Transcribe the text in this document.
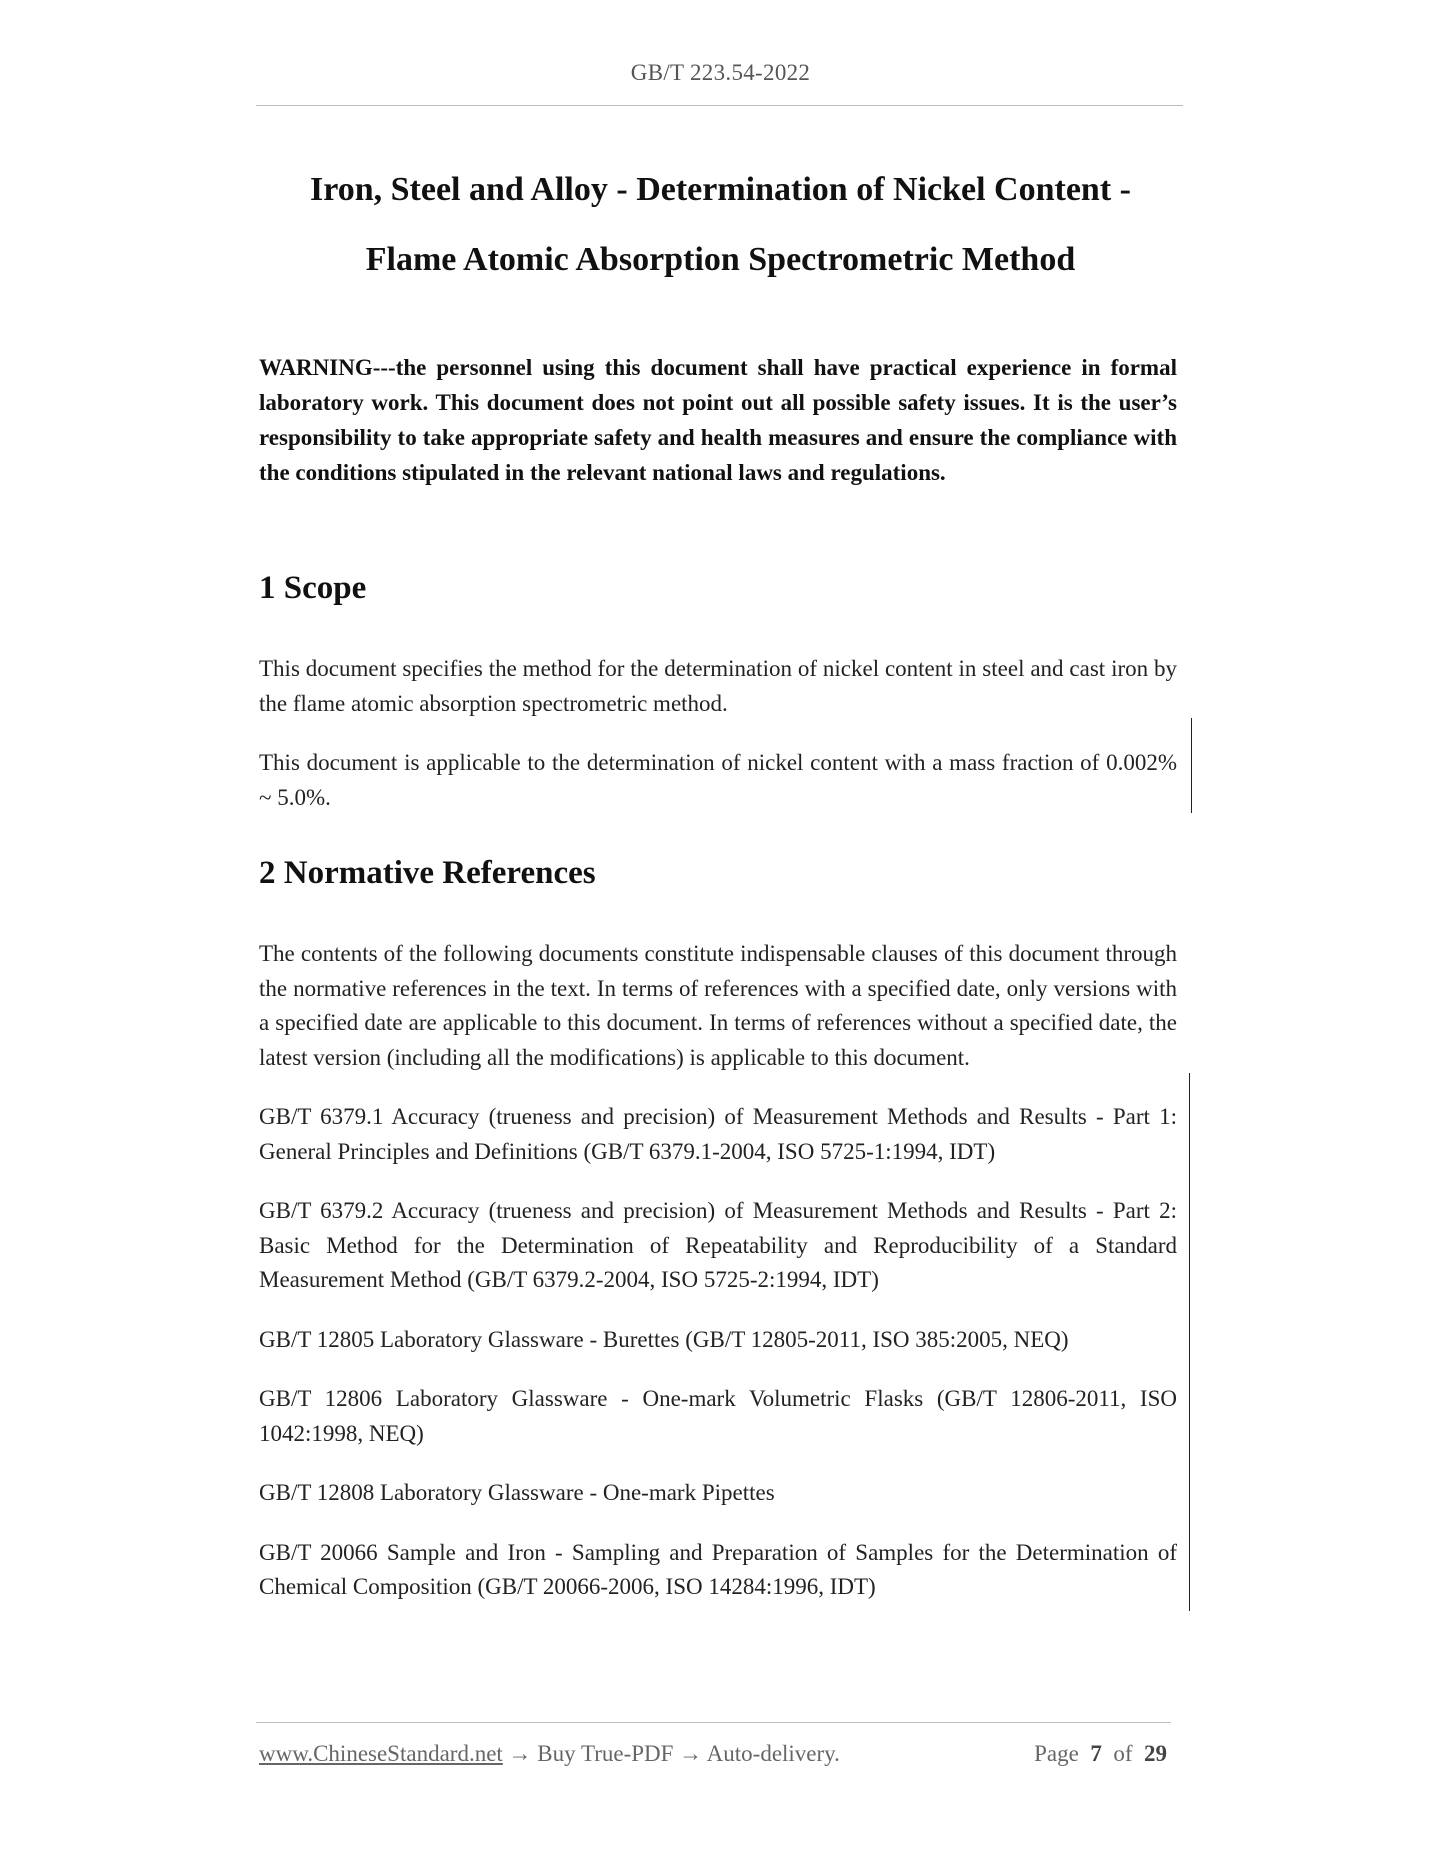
GB/T 223.54-2022
Iron, Steel and Alloy - Determination of Nickel Content -
Flame Atomic Absorption Spectrometric Method
WARNING---the personnel using this document shall have practical experience in formal laboratory work. This document does not point out all possible safety issues. It is the user’s responsibility to take appropriate safety and health measures and ensure the compliance with the conditions stipulated in the relevant national laws and regulations.
1 Scope

This document specifies the method for the determination of nickel content in steel and cast iron by the flame atomic absorption spectrometric method.

This document is applicable to the determination of nickel content with a mass fraction of 0.002% ~ 5.0%.

2 Normative References

The contents of the following documents constitute indispensable clauses of this document through the normative references in the text. In terms of references with a specified date, only versions with a specified date are applicable to this document. In terms of references without a specified date, the latest version (including all the modifications) is applicable to this document.

GB/T 6379.1 Accuracy (trueness and precision) of Measurement Methods and Results - Part 1: General Principles and Definitions (GB/T 6379.1-2004, ISO 5725-1:1994, IDT)

GB/T 6379.2 Accuracy (trueness and precision) of Measurement Methods and Results - Part 2: Basic Method for the Determination of Repeatability and Reproducibility of a Standard Measurement Method (GB/T 6379.2-2004, ISO 5725-2:1994, IDT)

GB/T 12805 Laboratory Glassware - Burettes (GB/T 12805-2011, ISO 385:2005, NEQ)

GB/T 12806 Laboratory Glassware - One-mark Volumetric Flasks (GB/T 12806-2011, ISO 1042:1998, NEQ)

GB/T 12808 Laboratory Glassware - One-mark Pipettes

GB/T 20066 Sample and Iron - Sampling and Preparation of Samples for the Determination of Chemical Composition (GB/T 20066-2006, ISO 14284:1996, IDT)

www.ChineseStandard.net → Buy True-PDF → Auto-delivery.	Page 7 of 29
